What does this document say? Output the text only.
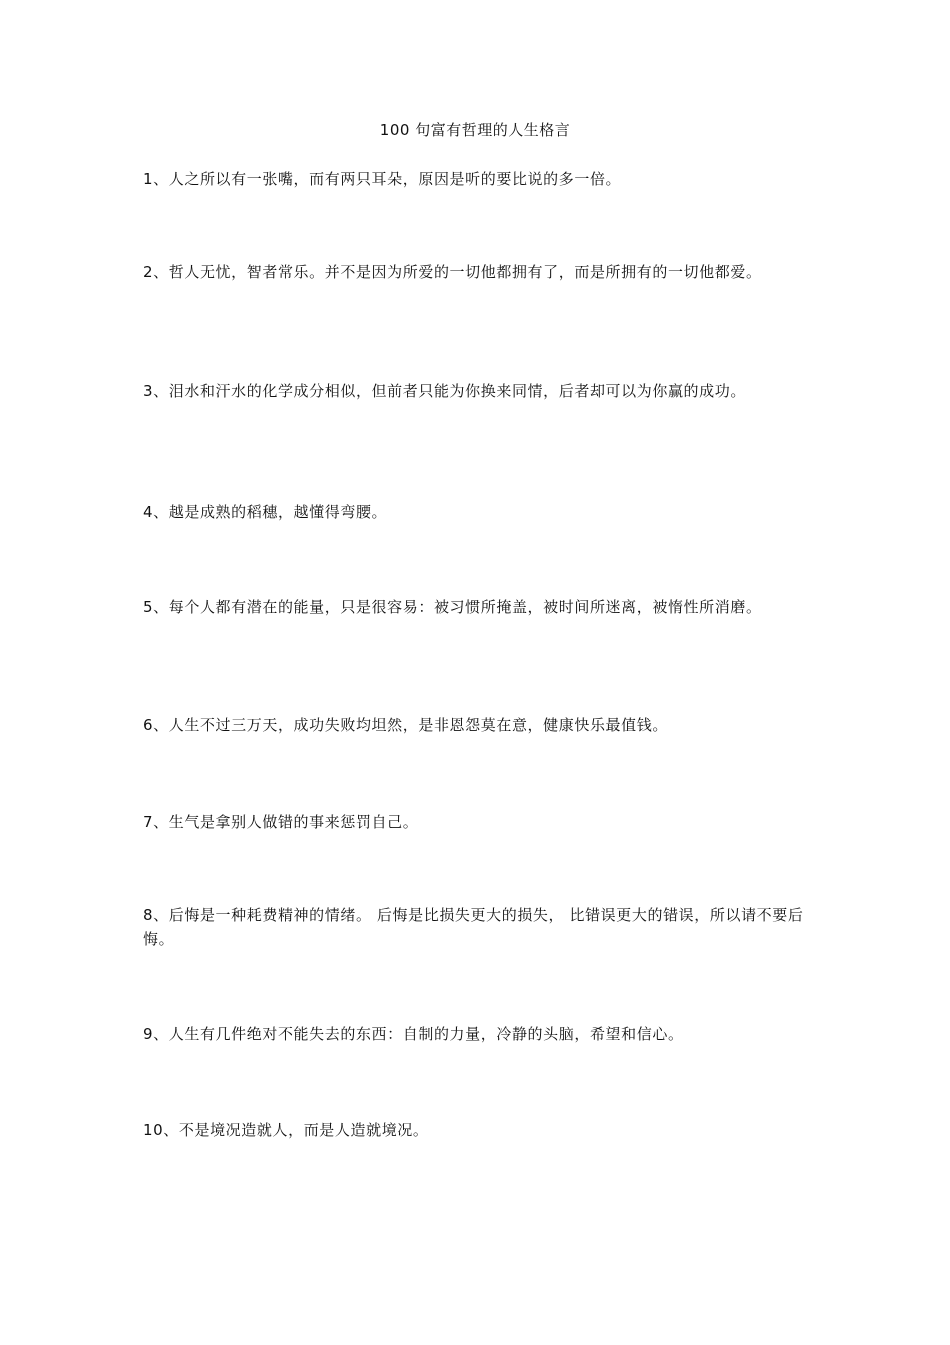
100 句富有哲理的人生格言
1、人之所以有一张嘴，而有两只耳朵，原因是听的要比说的多一倍。
2、哲人无忧，智者常乐。并不是因为所爱的一切他都拥有了，而是所拥有的一切他都爱。
3、泪水和汗水的化学成分相似，但前者只能为你换来同情，后者却可以为你赢的成功。
4、越是成熟的稻穗，越懂得弯腰。
5、每个人都有潜在的能量，只是很容易：被习惯所掩盖，被时间所迷离，被惰性所消磨。
6、人生不过三万天，成功失败均坦然，是非恩怨莫在意，健康快乐最值钱。
7、生气是拿别人做错的事来惩罚自己。
8、后悔是一种耗费精神的情绪。 后悔是比损失更大的损失， 比错误更大的错误，所以请不要后悔。
9、人生有几件绝对不能失去的东西：自制的力量，冷静的头脑，希望和信心。
10、不是境况造就人，而是人造就境况。
